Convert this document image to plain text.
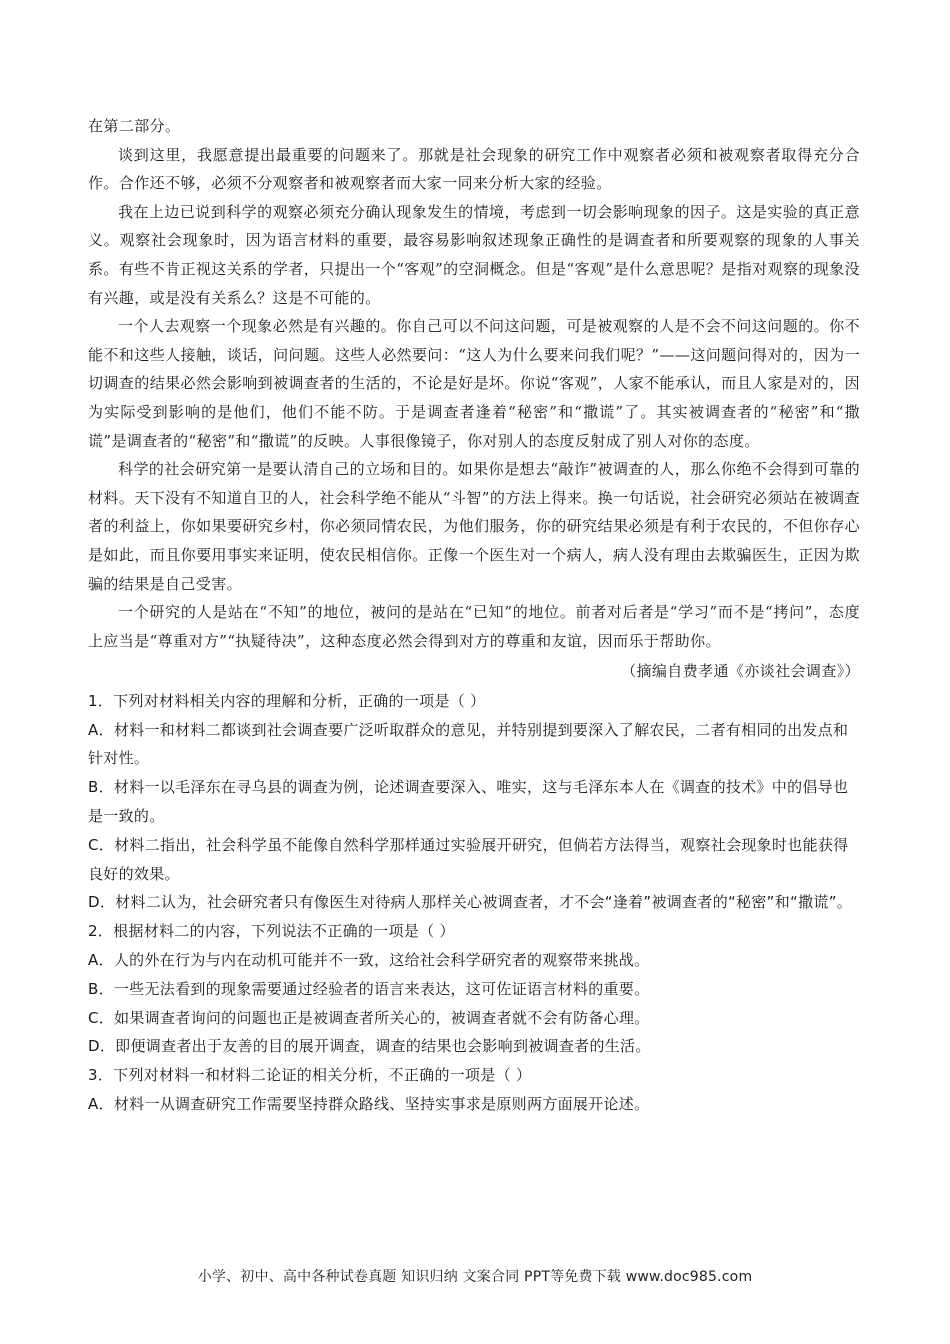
在第二部分。

谈到这里，我愿意提出最重要的问题来了。那就是社会现象的研究工作中观察者必须和被观察者取得充分合作。合作还不够，必须不分观察者和被观察者而大家一同来分析大家的经验。

我在上边已说到科学的观察必须充分确认现象发生的情境，考虑到一切会影响现象的因子。这是实验的真正意义。观察社会现象时，因为语言材料的重要，最容易影响叙述现象正确性的是调查者和所要观察的现象的人事关系。有些不肯正视这关系的学者，只提出一个“客观”的空洞概念。但是“客观”是什么意思呢？是指对观察的现象没有兴趣，或是没有关系么？这是不可能的。

一个人去观察一个现象必然是有兴趣的。你自己可以不问这问题，可是被观察的人是不会不问这问题的。你不能不和这些人接触，谈话，问问题。这些人必然要问：“这人为什么要来问我们呢？”——这问题问得对的，因为一切调查的结果必然会影响到被调查者的生活的，不论是好是坏。你说“客观”，人家不能承认，而且人家是对的，因为实际受到影响的是他们，他们不能不防。于是调查者逢着“秘密”和“撒谎”了。其实被调查者的“秘密”和“撒谎”是调查者的“秘密”和“撒谎”的反映。人事很像镜子，你对别人的态度反射成了别人对你的态度。

科学的社会研究第一是要认清自己的立场和目的。如果你是想去“敲诈”被调查的人，那么你绝不会得到可靠的材料。天下没有不知道自卫的人，社会科学绝不能从“斗智”的方法上得来。换一句话说，社会研究必须站在被调查者的利益上，你如果要研究乡村，你必须同情农民，为他们服务，你的研究结果必须是有利于农民的，不但你存心是如此，而且你要用事实来证明，使农民相信你。正像一个医生对一个病人，病人没有理由去欺骗医生，正因为欺骗的结果是自己受害。

一个研究的人是站在“不知”的地位，被问的是站在“已知”的地位。前者对后者是“学习”而不是“拷问”，态度上应当是“尊重对方”“执疑待决”，这种态度必然会得到对方的尊重和友谊，因而乐于帮助你。

（摘编自费孝通《亦谈社会调查》）

1．下列对材料相关内容的理解和分析，正确的一项是（ ）

A．材料一和材料二都谈到社会调查要广泛听取群众的意见，并特别提到要深入了解农民，二者有相同的出发点和针对性。

B．材料一以毛泽东在寻乌县的调查为例，论述调查要深入、唯实，这与毛泽东本人在《调查的技术》中的倡导也是一致的。

C．材料二指出，社会科学虽不能像自然科学那样通过实验展开研究，但倘若方法得当，观察社会现象时也能获得良好的效果。

D．材料二认为，社会研究者只有像医生对待病人那样关心被调查者，才不会“逢着”被调查者的“秘密”和“撒谎”。

2．根据材料二的内容，下列说法不正确的一项是（ ）

A．人的外在行为与内在动机可能并不一致，这给社会科学研究者的观察带来挑战。

B．一些无法看到的现象需要通过经验者的语言来表达，这可佐证语言材料的重要。

C．如果调查者询问的问题也正是被调查者所关心的，被调查者就不会有防备心理。

D．即便调查者出于友善的目的展开调查，调查的结果也会影响到被调查者的生活。

3．下列对材料一和材料二论证的相关分析，不正确的一项是（ ）

A．材料一从调查研究工作需要坚持群众路线、坚持实事求是原则两方面展开论述。

小学、初中、高中各种试卷真题 知识归纳 文案合同 PPT等免费下载 www.doc985.com
